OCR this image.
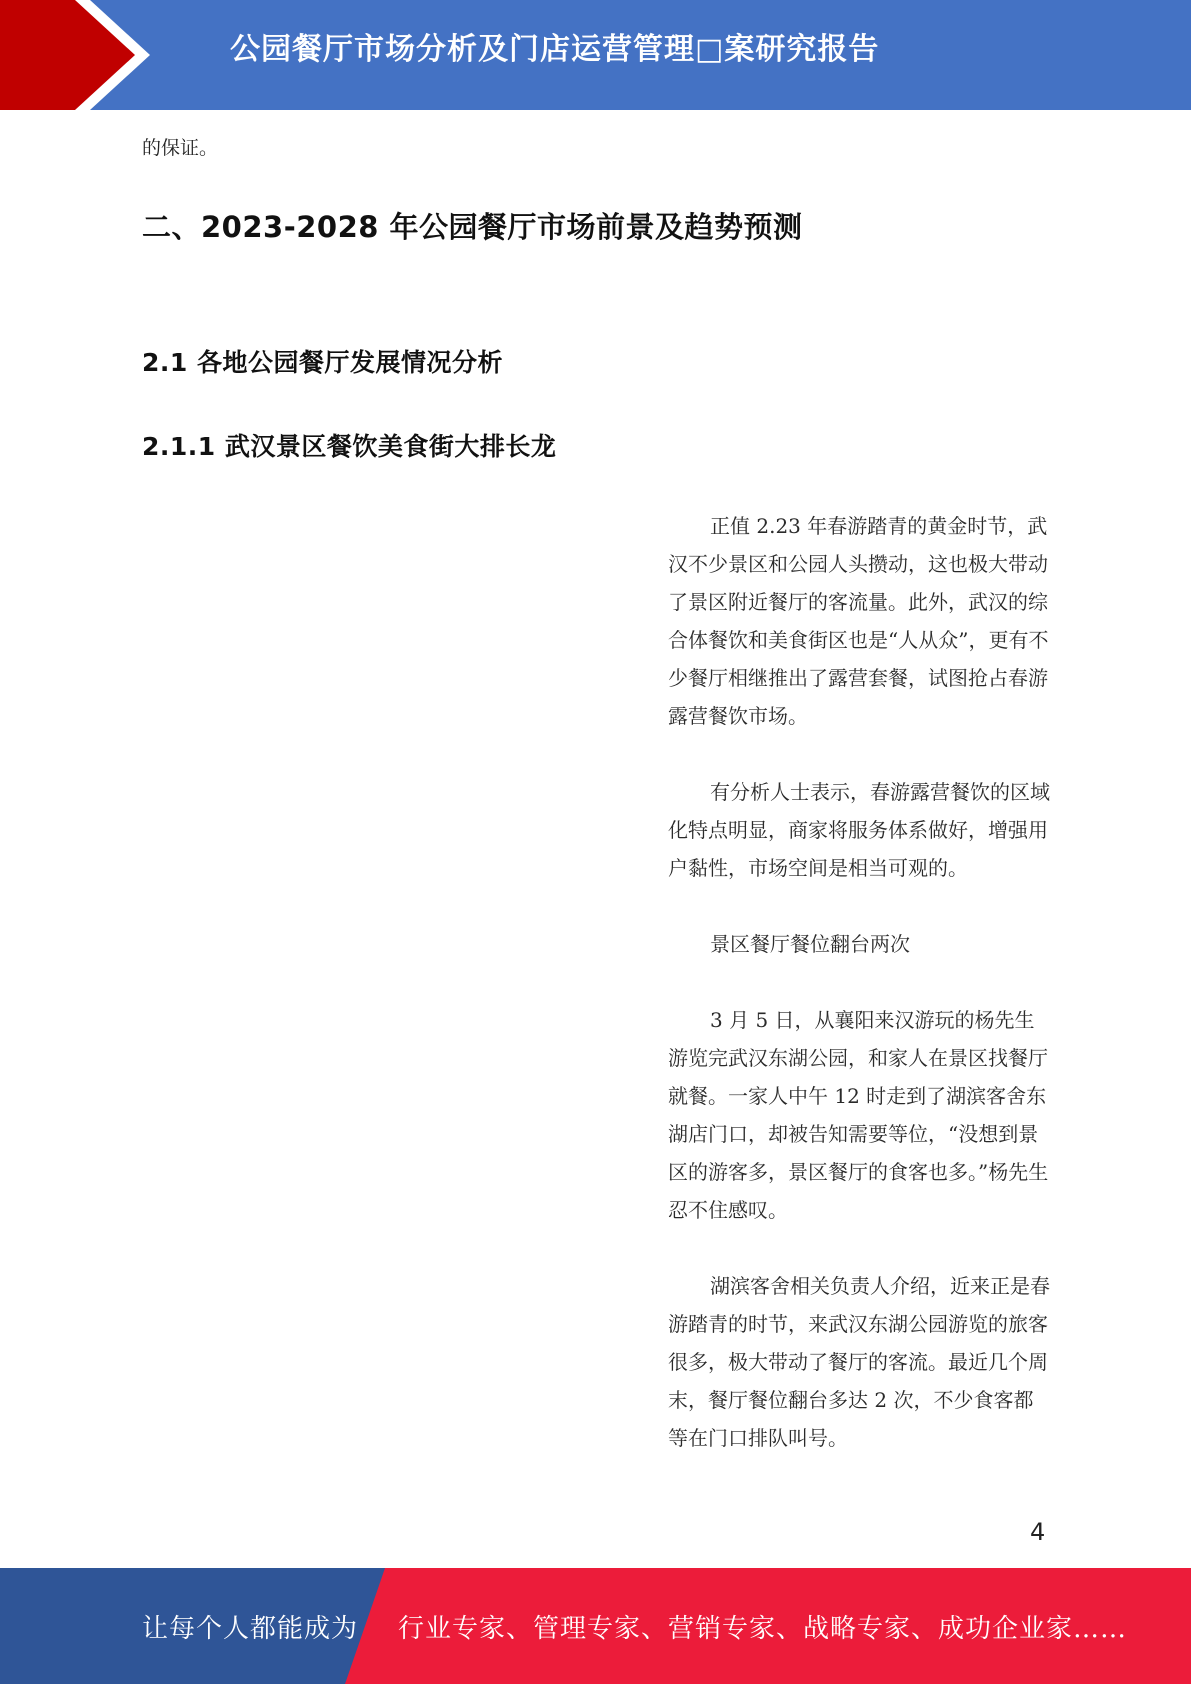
公园餐厅市场分析及门店运营管理□案研究报告
的保证。
二、2023-2028 年公园餐厅市场前景及趋势预测
2.1 各地公园餐厅发展情况分析
2.1.1 武汉景区餐饮美食街大排长龙

正值 2.23 年春游踏青的黄金时节，武汉不少景区和公园人头攒动，这也极大带动了景区附近餐厅的客流量。此外，武汉的综合体餐饮和美食街区也是“人从众”，更有不少餐厅相继推出了露营套餐，试图抢占春游露营餐饮市场。

有分析人士表示，春游露营餐饮的区域化特点明显，商家将服务体系做好，增强用户黏性，市场空间是相当可观的。

景区餐厅餐位翻台两次

3 月 5 日，从襄阳来汉游玩的杨先生游览完武汉东湖公园，和家人在景区找餐厅就餐。一家人中午 12 时走到了湖滨客舍东湖店门口，却被告知需要等位，“没想到景区的游客多，景区餐厅的食客也多。”杨先生忍不住感叹。

湖滨客舍相关负责人介绍，近来正是春游踏青的时节，来武汉东湖公园游览的旅客很多，极大带动了餐厅的客流。最近几个周末，餐厅餐位翻台多达 2 次，不少食客都等在门口排队叫号。

4
让每个人都能成为 行业专家、管理专家、营销专家、战略专家、成功企业家……
